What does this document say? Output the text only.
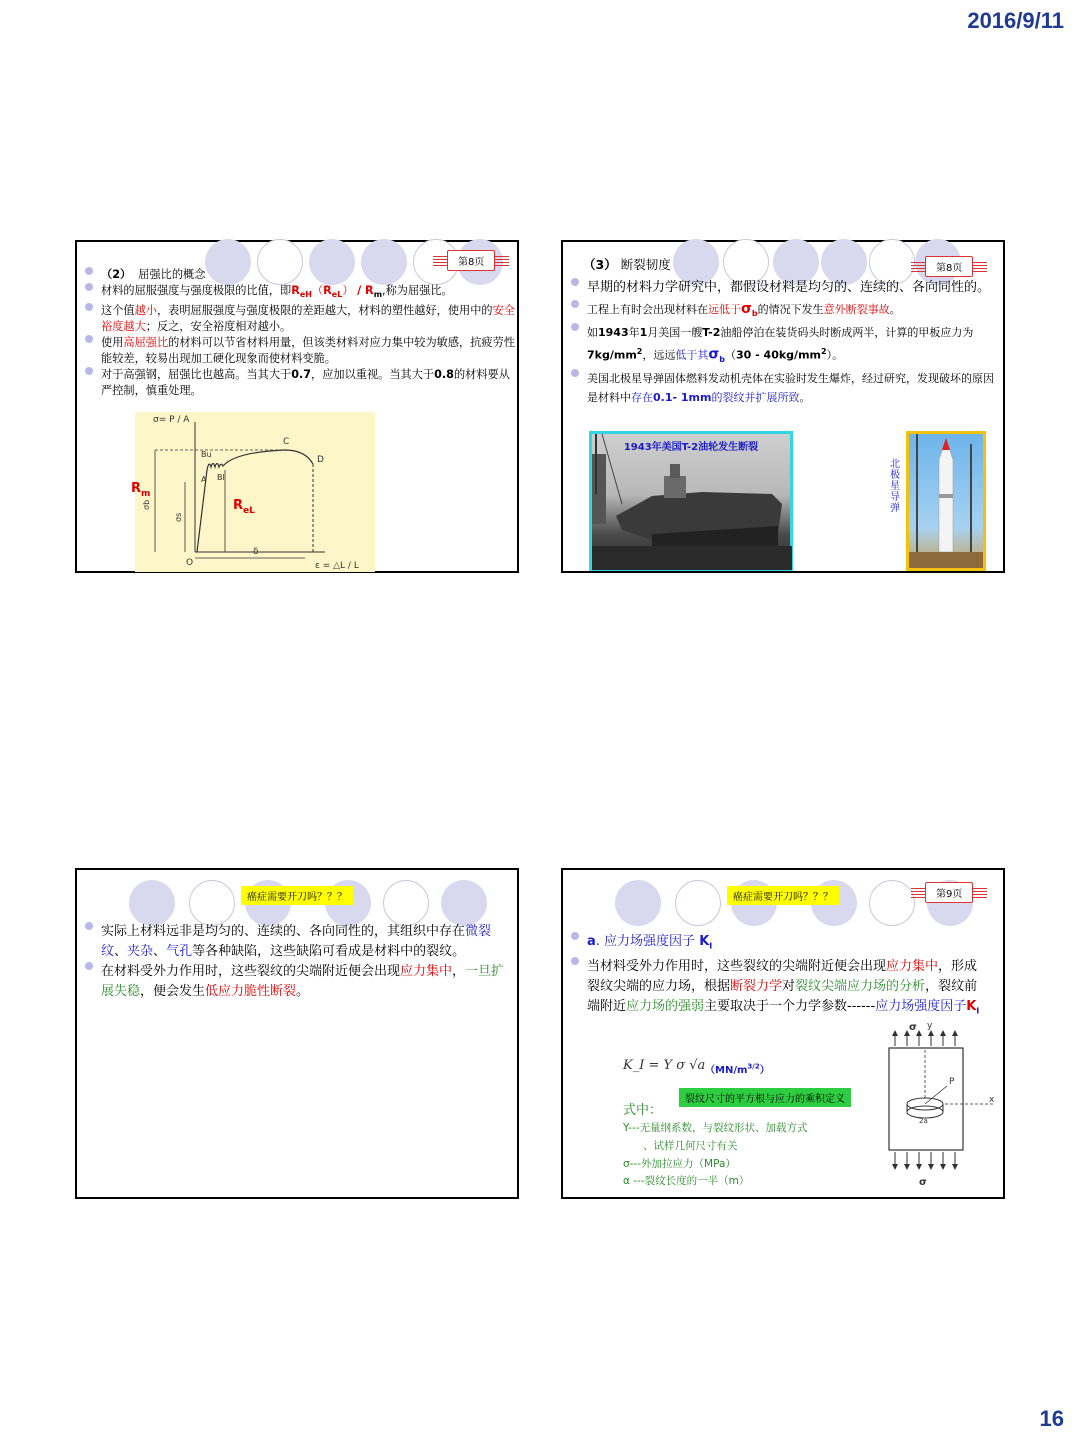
2016/9/11
第8页
（2） 屈强比的概念
材料的屈服强度与强度极限的比值，即$R_{eH}(R_{eL}) / R_m$,称为屈强比。
这个值越小，表明屈服强度与强度极限的差距越大，材料的塑性越好，使用中的安全裕度越大；反之，安全裕度相对越小。
使用高屈强比的材料可以节省材料用量，但该类材料对应力集中较为敏感，抗疲劳性能较差，较易出现加工硬化现象而使材料变脆。
对于高强钢，屈强比也越高。当其大于0.7，应加以重视。当其大于0.8的材料要从严控制，慎重处理。
σ= P / A
ε = △L / L
O
A
Bu
Bl
C
D
δ
σb
σs
$R_m$
$R_{eL}$
第8页
（3） 断裂韧度
早期的材料力学研究中，都假设材料是均匀的、连续的、各向同性的。
工程上有时会出现材料在远低于$\sigma_b$的情况下发生意外断裂事故。
如1943年1月美国一艘T-2油船停泊在装货码头时断成两半，计算的甲板应力为$7kg/mm^2$，远远低于其$\sigma_b(30 - 40kg/mm^2)$。
美国北极星导弹固体燃料发动机壳体在实验时发生爆炸，经过研究，发现破坏的原因是材料中存在0.1- 1mm的裂纹并扩展所致。
1943年美国T-2油轮发生断裂
北极星导弹
癌症需要开刀吗？？？
实际上材料远非是均匀的、连续的、各向同性的，其组织中存在微裂纹、夹杂、气孔等各种缺陷，这些缺陷可看成是材料中的裂纹。
在材料受外力作用时，这些裂纹的尖端附近便会出现应力集中，一旦扩展失稳，便会发生低应力脆性断裂。
癌症需要开刀吗？？？	第9页
a. 应力场强度因子 $K_I$
当材料受外力作用时，这些裂纹的尖端附近便会出现应力集中，形成裂纹尖端的应力场，根据断裂力学对裂纹尖端应力场的分析，裂纹前端附近应力场的强弱主要取决于一个力学参数------应力场强度因子$K_I$
K_I = Y σ √a $(MN/m^{3/2})$
裂纹尺寸的平方根与应力的乘积定义
式中：
Y---无量纲系数，与裂纹形状、加载方式
、试样几何尺寸有关
σ---外加拉应力（MPa）
α ---裂纹长度的一半（m）
σ y
P
x
2a
σ
16
